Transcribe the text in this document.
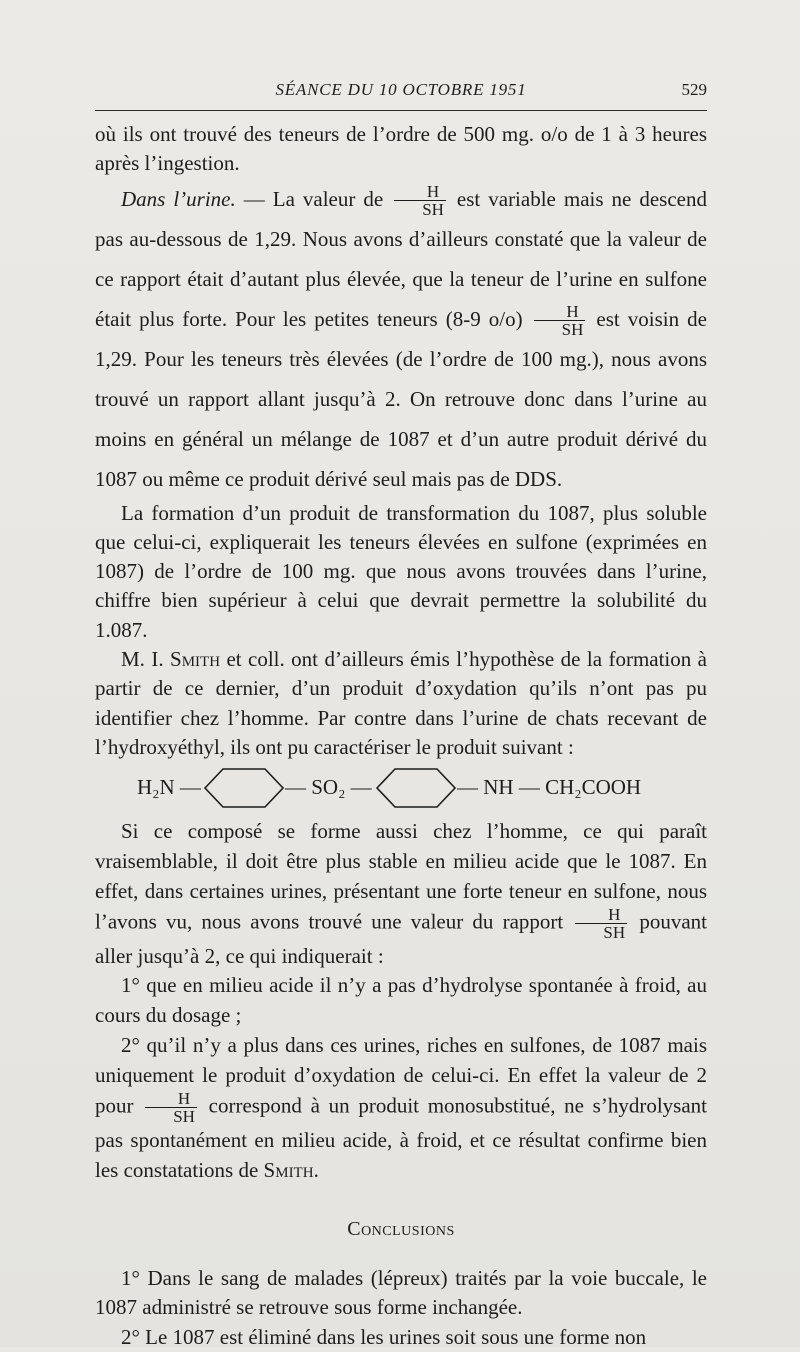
SÉANCE DU 10 OCTOBRE 1951	529

où ils ont trouvé des teneurs de l’ordre de 500 mg. o/o de 1 à 3 heures après l’ingestion.

Dans l’urine. — La valeur de $\frac{H}{SH}$ est variable mais ne descend pas au-dessous de 1,29. Nous avons d’ailleurs constaté que la valeur de ce rapport était d’autant plus élevée, que la teneur de l’urine en sulfone était plus forte. Pour les petites teneurs (8-9 $o/o) \frac{H}{SH}$ est voisin de 1,29. Pour les teneurs très élevées (de l’ordre de 100 mg.), nous avons trouvé un rapport allant jusqu’à 2. On retrouve donc dans l’urine au moins en général un mélange de 1087 et d’un autre produit dérivé du 1087 ou même ce produit dérivé seul mais pas de DDS.

La formation d’un produit de transformation du 1087, plus soluble que celui-ci, expliquerait les teneurs élevées en sulfone (exprimées en 1087) de l’ordre de 100 mg. que nous avons trouvées dans l’urine, chiffre bien supérieur à celui que devrait permettre la solubilité du 1.087.

M. I. Smith et coll. ont d’ailleurs émis l’hypothèse de la formation à partir de ce dernier, d’un produit d’oxydation qu’ils n’ont pas pu identifier chez l’homme. Par contre dans l’urine de chats recevant de l’hydroxyéthyl, ils ont pu caractériser le produit suivant :

H₂N —	— SO₂ —	— NH — CH₂COOH

Si ce composé se forme aussi chez l’homme, ce qui paraît vraisemblable, il doit être plus stable en milieu acide que le 1087. En effet, dans certaines urines, présentant une forte teneur en sulfone, nous l’avons vu, nous avons trouvé une valeur du rapport $\frac{H}{SH}$ pouvant aller jusqu’à 2, ce qui indiquerait :

1° que en milieu acide il n’y a pas d’hydrolyse spontanée à froid, au cours du dosage ;

2° qu’il n’y a plus dans ces urines, riches en sulfones, de 1087 mais uniquement le produit d’oxydation de celui-ci. En effet la valeur de 2 pour $\frac{H}{SH}$ correspond à un produit monosubstitué, ne s’hydrolysant pas spontanément en milieu acide, à froid, et ce résultat confirme bien les constatations de Smith.

Conclusions

1° Dans le sang de malades (lépreux) traités par la voie buccale, le 1087 administré se retrouve sous forme inchangée.

2° Le 1087 est éliminé dans les urines soit sous une forme non
